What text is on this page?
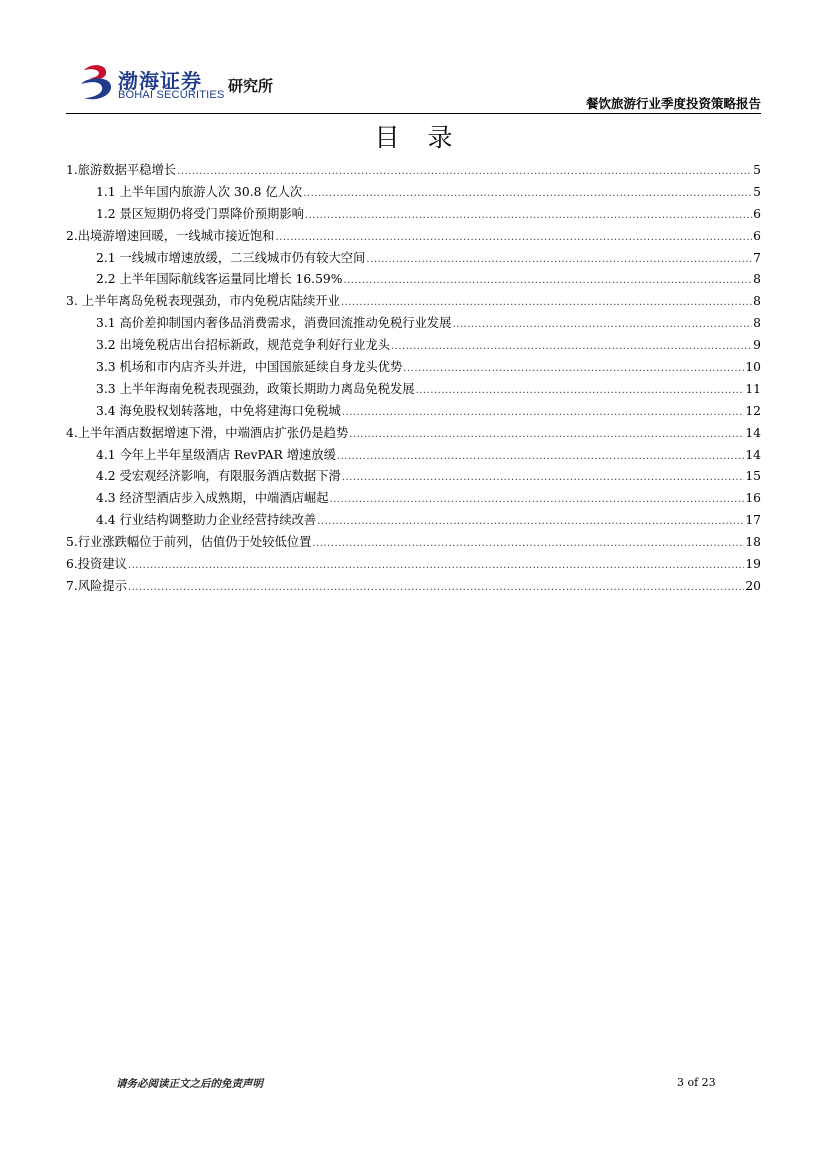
渤海证券
BOHAI SECURITIES 研究所
餐饮旅游行业季度投资策略报告
目录
1.旅游数据平稳增长 .....	5
1.1 上半年国内旅游人次 30.8 亿人次 .....	5
1.2 景区短期仍将受门票降价预期影响 .....	6
2.出境游增速回暖，一线城市接近饱和 .....	6
2.1 一线城市增速放缓，二三线城市仍有较大空间 .....	7
2.2 上半年国际航线客运量同比增长 16.59% .....	8
3. 上半年离岛免税表现强劲，市内免税店陆续开业 .....	8
3.1 高价差抑制国内奢侈品消费需求，消费回流推动免税行业发展 .....	8
3.2 出境免税店出台招标新政，规范竞争利好行业龙头 .....	9
3.3 机场和市内店齐头并进，中国国旅延续自身龙头优势 .....	10
3.3 上半年海南免税表现强劲，政策长期助力离岛免税发展 .....	11
3.4 海免股权划转落地，中免将建海口免税城 .....	12
4.上半年酒店数据增速下滑，中端酒店扩张仍是趋势 .....	14
4.1 今年上半年星级酒店 RevPAR 增速放缓 .....	14
4.2 受宏观经济影响，有限服务酒店数据下滑 .....	15
4.3 经济型酒店步入成熟期，中端酒店崛起 .....	16
4.4 行业结构调整助力企业经营持续改善 .....	17
5.行业涨跌幅位于前列，估值仍于处较低位置 .....	18
6.投资建议 .....	19
7.风险提示 .....	20
请务必阅读正文之后的免责声明	3 of 23
